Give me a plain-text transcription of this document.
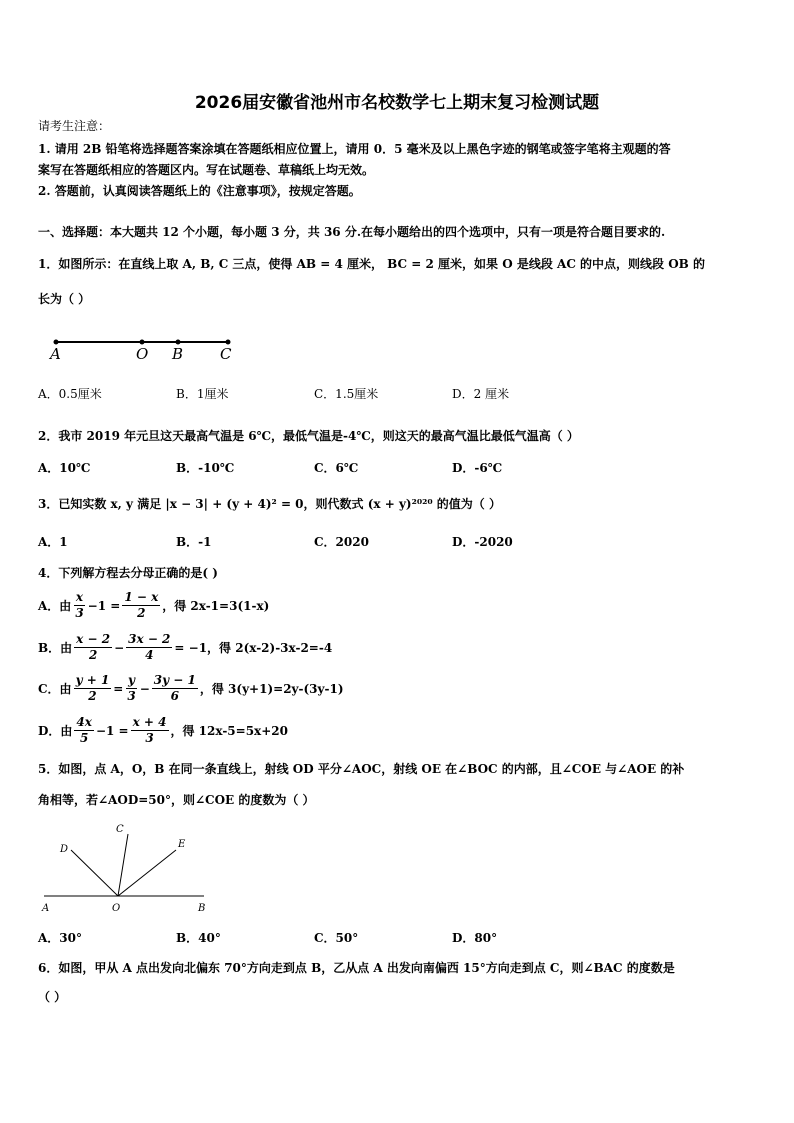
2026届安徽省池州市名校数学七上期末复习检测试题
请考生注意：
1. 请用 2B 铅笔将选择题答案涂填在答题纸相应位置上，请用 0．5 毫米及以上黑色字迹的钢笔或签字笔将主观题的答
案写在答题纸相应的答题区内。写在试题卷、草稿纸上均无效。
2. 答题前，认真阅读答题纸上的《注意事项》，按规定答题。
一、选择题：本大题共 12 个小题，每小题 3 分，共 36 分.在每小题给出的四个选项中，只有一项是符合题目要求的.
1．如图所示：在直线上取 A, B, C 三点，使得 AB = 4 厘米， BC = 2 厘米，如果 O 是线段 AC 的中点，则线段 OB 的
长为（ ）
A	O B C
A．0.5厘米	B．1厘米	C．1.5厘米	D．2 厘米
2．我市 2019 年元旦这天最高气温是 6℃，最低气温是-4℃，则这天的最高气温比最低气温高（ ）
A．10℃	B．-10℃	C．6℃	D．-6℃
3．已知实数 x, y 满足 |x − 3| + (y + 4)² = 0，则代数式 (x + y)²⁰²⁰ 的值为（ ）
A．1	B．-1	C．2020	D．-2020
4．下列解方程去分母正确的是( )
A．由 $\frac{x}{3} -1 = \frac{1 - x}{2}$ ，得 2x-1=3(1-x)
B．由 $\frac{x - 2}{2} - \frac{3x - 2}{4} = -1$ ，得 2(x-2)-3x-2=-4
C．由 $\frac{y + 1}{2} = \frac{y}{3} - \frac{3y - 1}{6}$ ，得 3(y+1)=2y-(3y-1)
D．由 $\frac{4x}{5} -1 = \frac{x + 4}{3}$ ，得 12x-5=5x+20
5．如图，点 A，O，B 在同一条直线上，射线 OD 平分∠AOC，射线 OE 在∠BOC 的内部，且∠COE 与∠AOE 的补
角相等，若∠AOD=50°，则∠COE 的度数为（ ）
C
D	E
A	O	B
A．30°	B．40°	C．50°	D．80°
6．如图，甲从 A 点出发向北偏东 70°方向走到点 B，乙从点 A 出发向南偏西 15°方向走到点 C，则∠BAC 的度数是
（ ）
